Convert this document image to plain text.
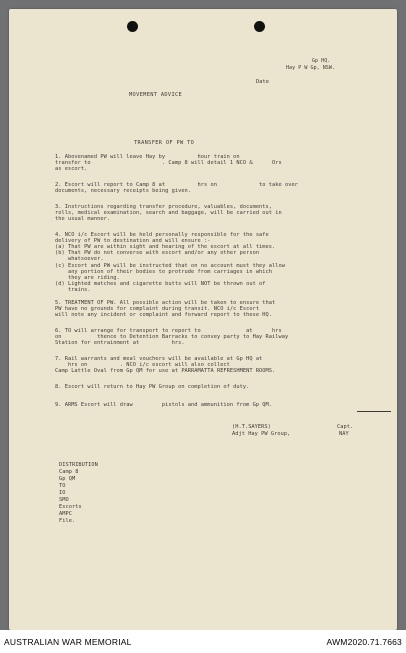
Gp HQ.
Hay P W Gp, NSW.
Date
MOVEMENT ADVICE
TRANSFER OF PW TO
1. Abovenamed PW will leave Hay by          hour train on
transfer to                      . Camp 8 will detail 1 NCO &      Ors
as escort.
2. Escort will report to Camp 8 at          hrs on             to take over
documents, necessary receipts being given.
3. Instructions regarding transfer procedure, valuables, documents,
rolls, medical examination, search and baggage, will be carried out in
the usual manner.
4. NCO i/c Escort will be held personally responsible for the safe
delivery of PW to destination and will ensure :-
(a) That PW are within sight and hearing of the escort at all times.
(b) That PW do not converse with escort and/or any other person
whatsoever.
(c) Escort and PW will be instructed that on no account must they allow
any portion of their bodies to protrude from carriages in which
they are riding.
(d) Lighted matches and cigarette butts will NOT be thrown out of
trains.
5. TREATMENT OF PW. All possible action will be taken to ensure that
PW have no grounds for complaint during transit. NCO i/c Escort
will note any incident or complaint and forward report to these HQ.
6. TO will arrange for transport to report to              at      hrs
on           thence to Detention Barracks to convey party to Hay Railway
Station for entrainment at          hrs.
7. Rail warrants and meal vouchers will be available at Gp HQ at
hrs on          . NCO i/c escort will also collect
Camp Lattle Oval from Gp QM for use at PARRAMATTA REFRESHMENT ROOMS.
8. Escort will return to Hay PW Group on completion of duty.
9. ARMS Escort will draw         pistols and ammunition from Gp QM.
(H.T.SAYERS)	Capt.
Adjt Hay PW Group,	NAY
DISTRIBUTION
Camp 8
Gp QM
TO
IO
SMO
Escorts
AMPC
File.
AUSTRALIAN WAR MEMORIAL	AWM2020.71.7663
